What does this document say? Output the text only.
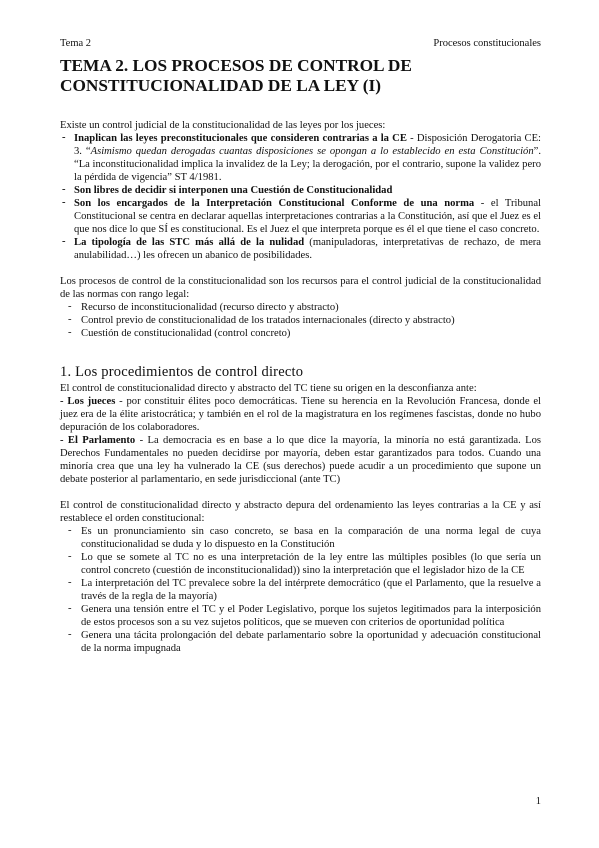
Tema 2	Procesos constitucionales
TEMA 2. LOS PROCESOS DE CONTROL DE CONSTITUCIONALIDAD DE LA LEY (I)

Existe un control judicial de la constitucionalidad de las leyes por los jueces:

- Inaplican las leyes preconstitucionales que consideren contrarias a la CE - Disposición Derogatoria CE: 3. “Asimismo quedan derogadas cuantas disposiciones se opongan a lo establecido en esta Constitución”. “La inconstitucionalidad implica la invalidez de la Ley; la derogación, por el contrario, supone la validez pero la pérdida de vigencia” ST 4/1981.
- Son libres de decidir si interponen una Cuestión de Constitucionalidad
- Son los encargados de la Interpretación Constitucional Conforme de una norma - el Tribunal Constitucional se centra en declarar aquellas interpretaciones contrarias a la Constitución, así que el Juez es el que nos dice lo que SÍ es constitucional. Es el Juez el que interpreta porque es él el que tiene el caso concreto.
- La tipología de las STC más allá de la nulidad (manipuladoras, interpretativas de rechazo, de mera anulabilidad…) les ofrecen un abanico de posibilidades.

Los procesos de control de la constitucionalidad son los recursos para el control judicial de la constitucionalidad de las normas con rango legal:

- Recurso de inconstitucionalidad (recurso directo y abstracto)
- Control previo de constitucionalidad de los tratados internacionales (directo y abstracto)
- Cuestión de constitucionalidad (control concreto)
1. Los procedimientos de control directo

El control de constitucionalidad directo y abstracto del TC tiene su origen en la desconfianza ante:

- Los jueces - por constituir élites poco democráticas. Tiene su herencia en la Revolución Francesa, donde el juez era de la élite aristocrática; y también en el rol de la magistratura en los regímenes fascistas, donde no hubo depuración de los colaboradores.

- El Parlamento - La democracia es en base a lo que dice la mayoría, la minoría no está garantizada. Los Derechos Fundamentales no pueden decidirse por mayoría, deben estar garantizados para todos. Cuando una minoría crea que una ley ha vulnerado la CE (sus derechos) puede acudir a un procedimiento que supone un debate posterior al parlamentario, en sede jurisdiccional (ante TC)

El control de constitucionalidad directo y abstracto depura del ordenamiento las leyes contrarias a la CE y así restablece el orden constitucional:

- Es un pronunciamiento sin caso concreto, se basa en la comparación de una norma legal de cuya constitucionalidad se duda y lo dispuesto en la Constitución
- Lo que se somete al TC no es una interpretación de la ley entre las múltiples posibles (lo que sería un control concreto (cuestión de inconstitucionalidad)) sino la interpretación que el legislador hizo de la CE
- La interpretación del TC prevalece sobre la del intérprete democrático (que el Parlamento, que la resuelve a través de la regla de la mayoría)
- Genera una tensión entre el TC y el Poder Legislativo, porque los sujetos legitimados para la interposición de estos procesos son a su vez sujetos políticos, que se mueven con criterios de oportunidad política
- Genera una tácita prolongación del debate parlamentario sobre la oportunidad y adecuación constitucional de la norma impugnada
1
